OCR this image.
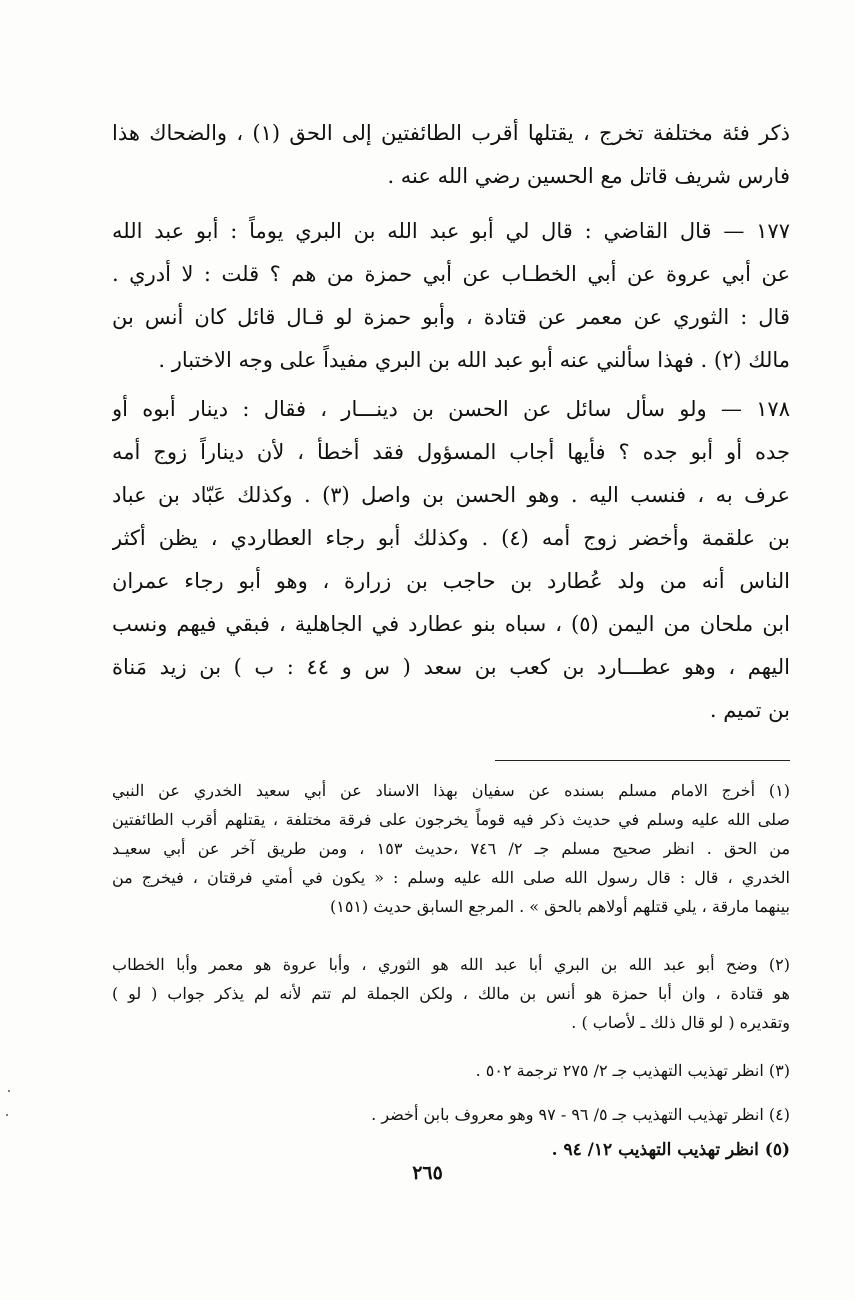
ذكر فئة مختلفة تخرج ، يقتلها أقرب الطائفتين إلى الحق (١) ، والضحاك هذا
فارس شريف قاتل مع الحسين رضي الله عنه .
١٧٧ — قال القاضي : قال لي أبو عبد الله بن البري يوماً : أبو عبد الله
عن أبي عروة عن أبي الخطـاب عن أبي حمزة من هم ؟ قلت : لا أدري .
قال : الثوري عن معمر عن قتادة ، وأبو حمزة لو قـال قائل كان أنس بن
مالك (٢) . فهذا سألني عنه أبو عبد الله بن البري مفيداً على وجه الاختبار .
١٧٨ — ولو سأل سائل عن الحسن بن دينـــار ، فقال : دينار أبوه أو
جده أو أبو جده ؟ فأيها أجاب المسؤول فقد أخطأ ، لأن ديناراً زوج أمه
عرف به ، فنسب اليه . وهو الحسن بن واصل (٣) . وكذلك عَبّاد بن عباد
بن علقمة وأخضر زوج أمه (٤) . وكذلك أبو رجاء العطاردي ، يظن أكثر
الناس أنه من ولد عُطارد بن حاجب بن زرارة ، وهو أبو رجاء عمران
ابن ملحان من اليمن (٥) ، سباه بنو عطارد في الجاهلية ، فبقي فيهم ونسب
اليهم ، وهو عطـــارد بن كعب بن سعد ( س و ٤٤ : ب ) بن زيد مَناة
بن تميم .
(١) أخرج الامام مسلم بسنده عن سفيان بهذا الاسناد عن أبي سعيد الخدري عن النبي
صلى الله عليه وسلم في حديث ذكر فيه قوماً يخرجون على فرقة مختلفة ، يقتلهم أقرب الطائفتين
من الحق . انظر صحيح مسلم جـ ٢/ ٧٤٦ ،حديث ١٥٣ ، ومن طريق آخر عن أبي سعيـد
الخدري ، قال : قال رسول الله صلى الله عليه وسلم : « يكون في أمتي فرقتان ، فيخرج من
بينهما مارقة ، يلي قتلهم أولاهم بالحق » . المرجع السابق حديث (١٥١)
(٢) وضح أبو عبد الله بن البري أبا عبد الله هو الثوري ، وأبا عروة هو معمر وأبا الخطاب
هو قتادة ، وان أبا حمزة هو أنس بن مالك ، ولكن الجملة لم تتم لأنه لم يذكر جواب ( لو )
وتقديره ( لو قال ذلك ـ لأصاب ) .
(٣) انظر تهذيب التهذيب جـ ٢/ ٢٧٥ ترجمة ٥٠٢ .
(٤) انظر تهذيب التهذيب جـ ٥/ ٩٦ - ٩٧ وهو معروف بابن أخضر .
(٥) انظر تهذيب التهذيب ١٢/ ٩٤ .
٢٦٥
